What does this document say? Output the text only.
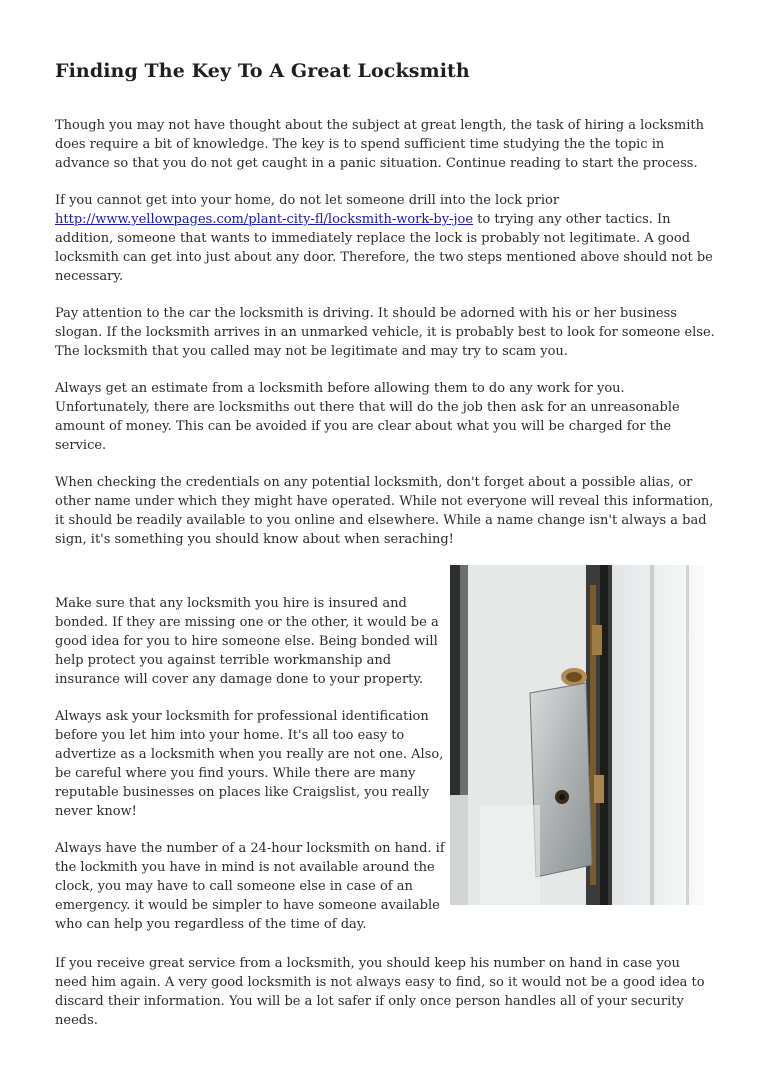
Finding The Key To A Great Locksmith

Though you may not have thought about the subject at great length, the task of hiring a locksmith does require a bit of knowledge. The key is to spend sufficient time studying the the topic in advance so that you do not get caught in a panic situation. Continue reading to start the process.

If you cannot get into your home, do not let someone drill into the lock prior http://www.yellowpages.com/plant-city-fl/locksmith-work-by-joe to trying any other tactics. In addition, someone that wants to immediately replace the lock is probably not legitimate. A good locksmith can get into just about any door. Therefore, the two steps mentioned above should not be necessary.

Pay attention to the car the locksmith is driving. It should be adorned with his or her business slogan. If the locksmith arrives in an unmarked vehicle, it is probably best to look for someone else. The locksmith that you called may not be legitimate and may try to scam you.

Always get an estimate from a locksmith before allowing them to do any work for you. Unfortunately, there are locksmiths out there that will do the job then ask for an unreasonable amount of money. This can be avoided if you are clear about what you will be charged for the service.

When checking the credentials on any potential locksmith, don't forget about a possible alias, or other name under which they might have operated. While not everyone will reveal this information, it should be readily available to you online and elsewhere. While a name change isn't always a bad sign, it's something you should know about when seraching!

Make sure that any locksmith you hire is insured and bonded. If they are missing one or the other, it would be a good idea for you to hire someone else. Being bonded will help protect you against terrible workmanship and insurance will cover any damage done to your property.

Always ask your locksmith for professional identification before you let him into your home. It's all too easy to advertize as a locksmith when you really are not one. Also, be careful where you find yours. While there are many reputable businesses on places like Craigslist, you really never know!

Always have the number of a 24-hour locksmith on hand. if the lockmith you have in mind is not available around the clock, you may have to call someone else in case of an emergency. it would be simpler to have someone available who can help you regardless of the time of day.

If you receive great service from a locksmith, you should keep his number on hand in case you need him again. A very good locksmith is not always easy to find, so it would not be a good idea to discard their information. You will be a lot safer if only once person handles all of your security needs.
